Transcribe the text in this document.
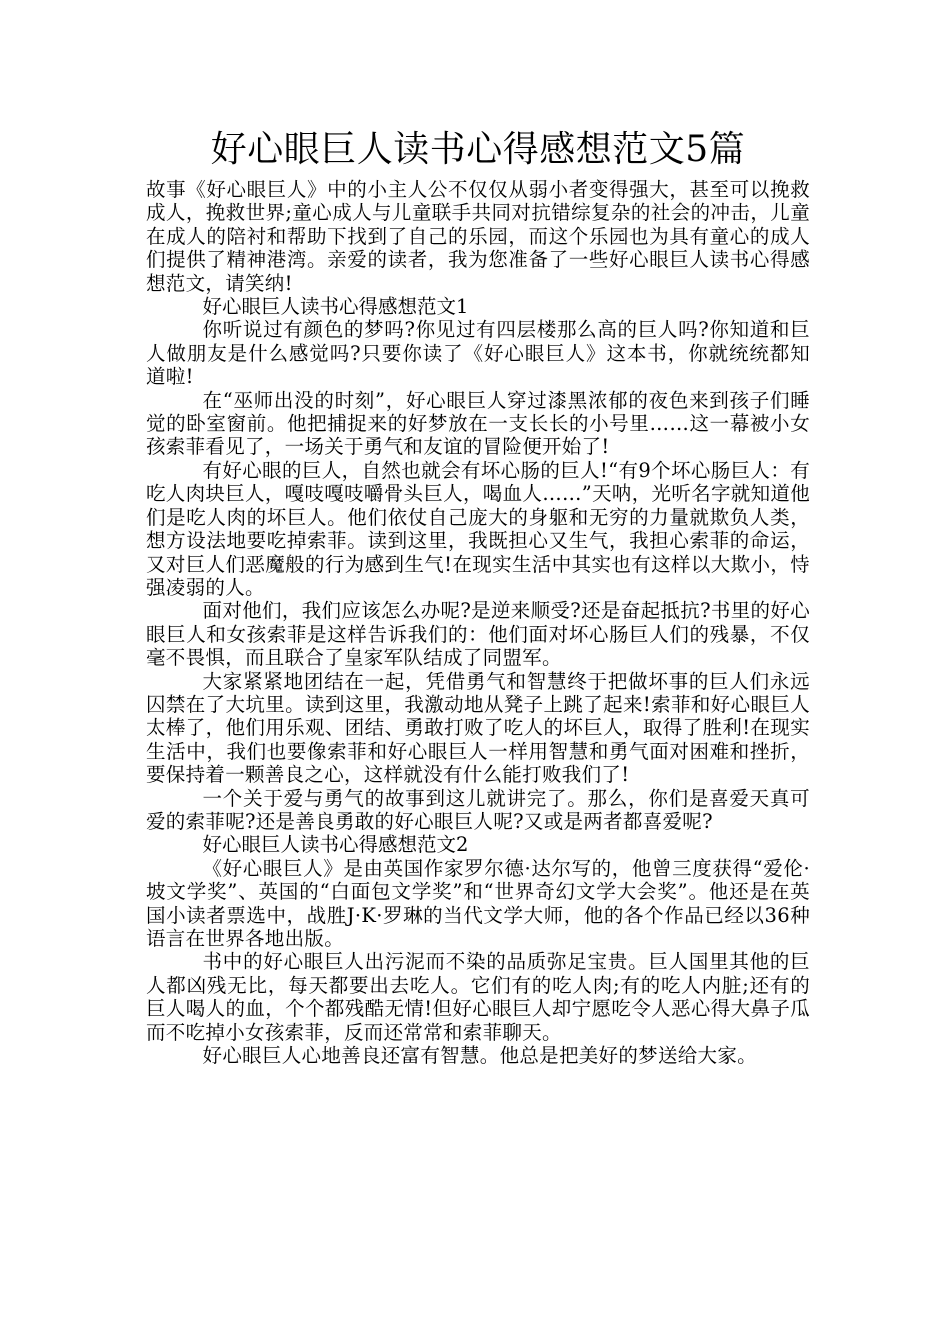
好心眼巨人读书心得感想范文5篇

故事《好心眼巨人》中的小主人公不仅仅从弱小者变得强大，甚至可以挽救成人，挽救世界;童心成人与儿童联手共同对抗错综复杂的社会的冲击，儿童在成人的陪衬和帮助下找到了自己的乐园，而这个乐园也为具有童心的成人们提供了精神港湾。亲爱的读者，我为您准备了一些好心眼巨人读书心得感想范文，请笑纳!

好心眼巨人读书心得感想范文1

你听说过有颜色的梦吗?你见过有四层楼那么高的巨人吗?你知道和巨人做朋友是什么感觉吗?只要你读了《好心眼巨人》这本书，你就统统都知道啦!

在“巫师出没的时刻”，好心眼巨人穿过漆黑浓郁的夜色来到孩子们睡觉的卧室窗前。他把捕捉来的好梦放在一支长长的小号里……这一幕被小女孩索菲看见了，一场关于勇气和友谊的冒险便开始了!

有好心眼的巨人，自然也就会有坏心肠的巨人!“有9个坏心肠巨人：有吃人肉块巨人，嘎吱嘎吱嚼骨头巨人，喝血人……”天呐，光听名字就知道他们是吃人肉的坏巨人。他们依仗自己庞大的身躯和无穷的力量就欺负人类，想方设法地要吃掉索菲。读到这里，我既担心又生气，我担心索菲的命运，又对巨人们恶魔般的行为感到生气!在现实生活中其实也有这样以大欺小，恃强凌弱的人。

面对他们，我们应该怎么办呢?是逆来顺受?还是奋起抵抗?书里的好心眼巨人和女孩索菲是这样告诉我们的：他们面对坏心肠巨人们的残暴，不仅毫不畏惧，而且联合了皇家军队结成了同盟军。

大家紧紧地团结在一起，凭借勇气和智慧终于把做坏事的巨人们永远囚禁在了大坑里。读到这里，我激动地从凳子上跳了起来!索菲和好心眼巨人太棒了，他们用乐观、团结、勇敢打败了吃人的坏巨人，取得了胜利!在现实生活中，我们也要像索菲和好心眼巨人一样用智慧和勇气面对困难和挫折，要保持着一颗善良之心，这样就没有什么能打败我们了!

一个关于爱与勇气的故事到这儿就讲完了。那么，你们是喜爱天真可爱的索菲呢?还是善良勇敢的好心眼巨人呢?又或是两者都喜爱呢?

好心眼巨人读书心得感想范文2

《好心眼巨人》是由英国作家罗尔德·达尔写的，他曾三度获得“爱伦·坡文学奖”、英国的“白面包文学奖”和“世界奇幻文学大会奖”。他还是在英国小读者票选中，战胜J·K·罗琳的当代文学大师，他的各个作品已经以36种语言在世界各地出版。

书中的好心眼巨人出污泥而不染的品质弥足宝贵。巨人国里其他的巨人都凶残无比，每天都要出去吃人。它们有的吃人肉;有的吃人内脏;还有的巨人喝人的血，个个都残酷无情!但好心眼巨人却宁愿吃令人恶心得大鼻子瓜而不吃掉小女孩索菲，反而还常常和索菲聊天。

好心眼巨人心地善良还富有智慧。他总是把美好的梦送给大家。
